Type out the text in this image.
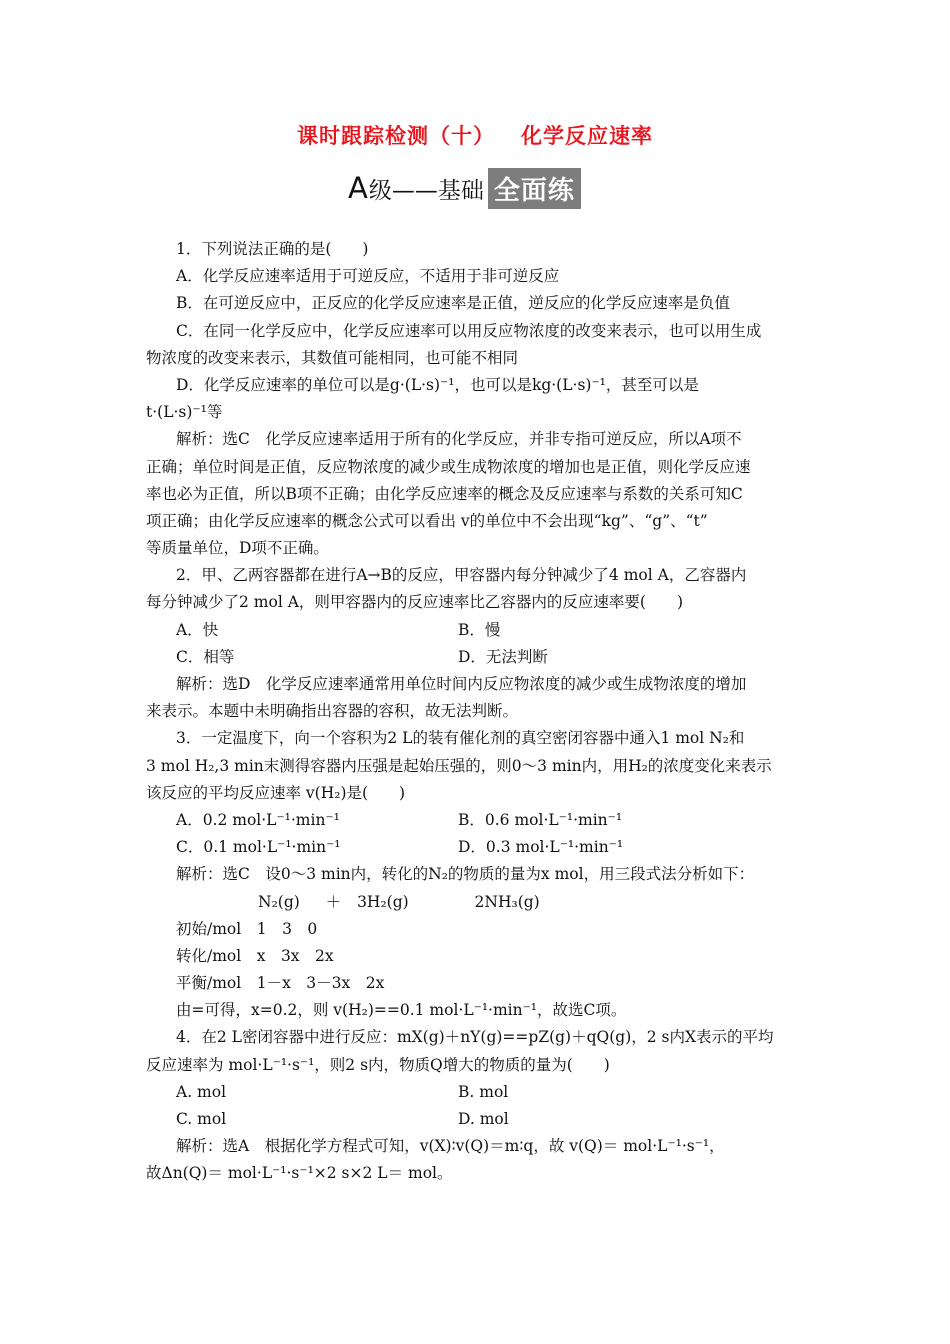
课时跟踪检测（十） 化学反应速率
A 级——基础 全面练
1．下列说法正确的是(　　)
A．化学反应速率适用于可逆反应，不适用于非可逆反应
B．在可逆反应中，正反应的化学反应速率是正值，逆反应的化学反应速率是负值
C．在同一化学反应中，化学反应速率可以用反应物浓度的改变来表示，也可以用生成
物浓度的改变来表示，其数值可能相同，也可能不相同
D．化学反应速率的单位可以是g·(L·s)⁻¹，也可以是kg·(L·s)⁻¹，甚至可以是
t·(L·s)⁻¹等
解析：选C　化学反应速率适用于所有的化学反应，并非专指可逆反应，所以A项不
正确；单位时间是正值，反应物浓度的减少或生成物浓度的增加也是正值，则化学反应速
率也必为正值，所以B项不正确；由化学反应速率的概念及反应速率与系数的关系可知C
项正确；由化学反应速率的概念公式可以看出 v的单位中不会出现“kg”、“g”、“t”
等质量单位，D项不正确。
2．甲、乙两容器都在进行A→B的反应，甲容器内每分钟减少了4 mol A，乙容器内
每分钟减少了2 mol A，则甲容器内的反应速率比乙容器内的反应速率要(　　)
A．快	B．慢
C．相等	D．无法判断
解析：选D　化学反应速率通常用单位时间内反应物浓度的减少或生成物浓度的增加
来表示。本题中未明确指出容器的容积，故无法判断。
3．一定温度下，向一个容积为2 L的装有催化剂的真空密闭容器中通入1 mol N₂和
3 mol H₂,3 min末测得容器内压强是起始压强的，则0～3 min内，用H₂的浓度变化来表示
该反应的平均反应速率 v(H₂)是(　　)
A．0.2 mol·L⁻¹·min⁻¹	B．0.6 mol·L⁻¹·min⁻¹
C．0.1 mol·L⁻¹·min⁻¹	D．0.3 mol·L⁻¹·min⁻¹
解析：选C　设0～3 min内，转化的N₂的物质的量为x mol，用三段式法分析如下：
N₂(g) ＋ 3H₂(g)	2NH₃(g)
初始/mol　1　3　0
转化/mol　x　3x　2x
平衡/mol　1－x　3－3x　2x
由=可得，x=0.2，则 v(H₂)==0.1 mol·L⁻¹·min⁻¹，故选C项。
4．在2 L密闭容器中进行反应：mX(g)＋nY(g)==pZ(g)＋qQ(g)，2 s内X表示的平均
反应速率为 mol·L⁻¹·s⁻¹，则2 s内，物质Q增大的物质的量为(　　)
A. mol	B. mol
C. mol	D. mol
解析：选A　根据化学方程式可知，v(X)∶v(Q)＝m∶q，故 v(Q)＝ mol·L⁻¹·s⁻¹，
故Δn(Q)＝ mol·L⁻¹·s⁻¹×2 s×2 L＝ mol。
